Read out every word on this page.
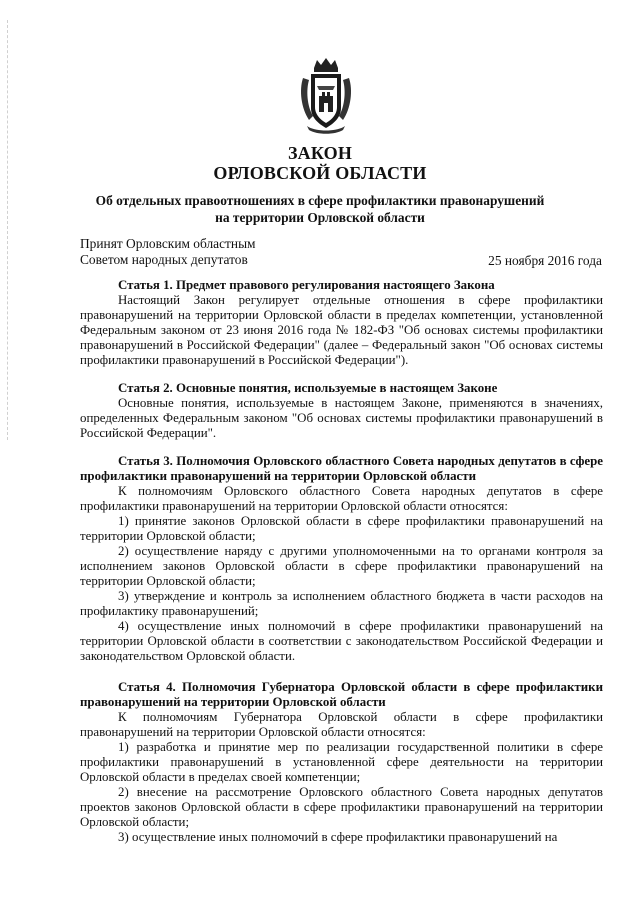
ЗАКОН
ОРЛОВСКОЙ ОБЛАСТИ
Об отдельных правоотношениях в сфере профилактики правонарушений на территории Орловской области
Принят Орловским областным
Советом народных депутатов	25 ноября 2016 года
Статья 1. Предмет правового регулирования настоящего Закона

Настоящий Закон регулирует отдельные отношения в сфере профилактики правонарушений на территории Орловской области в пределах компетенции, установленной Федеральным законом от 23 июня 2016 года № 182-ФЗ "Об основах системы профилактики правонарушений в Российской Федерации" (далее – Федеральный закон "Об основах системы профилактики правонарушений в Российской Федерации").

Статья 2. Основные понятия, используемые в настоящем Законе

Основные понятия, используемые в настоящем Законе, применяются в значениях, определенных Федеральным законом "Об основах системы профилактики правонарушений в Российской Федерации".

Статья 3. Полномочия Орловского областного Совета народных депутатов в сфере профилактики правонарушений на территории Орловской области

К полномочиям Орловского областного Совета народных депутатов в сфере профилактики правонарушений на территории Орловской области относятся:

1) принятие законов Орловской области в сфере профилактики правонарушений на территории Орловской области;

2) осуществление наряду с другими уполномоченными на то органами контроля за исполнением законов Орловской области в сфере профилактики правонарушений на территории Орловской области;

3) утверждение и контроль за исполнением областного бюджета в части расходов на профилактику правонарушений;

4) осуществление иных полномочий в сфере профилактики правонарушений на территории Орловской области в соответствии с законодательством Российской Федерации и законодательством Орловской области.

Статья 4. Полномочия Губернатора Орловской области в сфере профилактики правонарушений на территории Орловской области

К полномочиям Губернатора Орловской области в сфере профилактики правонарушений на территории Орловской области относятся:

1) разработка и принятие мер по реализации государственной политики в сфере профилактики правонарушений в установленной сфере деятельности на территории Орловской области в пределах своей компетенции;

2) внесение на рассмотрение Орловского областного Совета народных депутатов проектов законов Орловской области в сфере профилактики правонарушений на территории Орловской области;

3) осуществление иных полномочий в сфере профилактики правонарушений на
